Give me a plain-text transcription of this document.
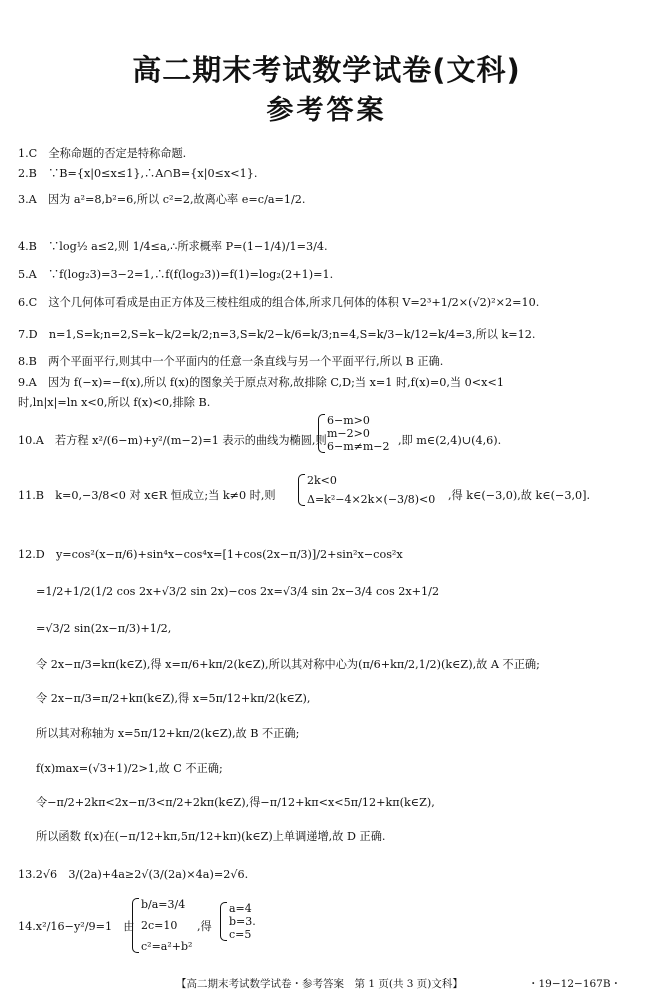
高二期末考试数学试卷(文科)
参考答案
1.C　全称命题的否定是特称命题.
2.B　∵B={x|0≤x≤1},∴A∩B={x|0≤x<1}.
3.A　因为 a²=8,b²=6,所以 c²=2,故离心率 e=c/a=1/2.
4.B　∵log½ a≤2,则 1/4≤a,∴所求概率 P=(1−1/4)/1=3/4.
5.A　∵f(log₂3)=3−2=1,∴f(f(log₂3))=f(1)=log₂(2+1)=1.
6.C　这个几何体可看成是由正方体及三棱柱组成的组合体,所求几何体的体积 V=2³+1/2×(√2)²×2=10.
7.D　n=1,S=k;n=2,S=k−k/2=k/2;n=3,S=k/2−k/6=k/3;n=4,S=k/3−k/12=k/4=3,所以 k=12.
8.B　两个平面平行,则其中一个平面内的任意一条直线与另一个平面平行,所以 B 正确.
9.A　因为 f(−x)=−f(x),所以 f(x)的图象关于原点对称,故排除 C,D;当 x=1 时,f(x)=0,当 0<x<1
时,ln|x|=ln x<0,所以 f(x)<0,排除 B.
10.A　若方程 x²/(6−m)+y²/(m−2)=1 表示的曲线为椭圆,则
6−m>0
m−2>0
6−m≠m−2 ,即 m∈(2,4)∪(4,6).
11.B　k=0,−3/8<0 对 x∈R 恒成立;当 k≠0 时,则
2k<0
Δ=k²−4×2k×(−3/8)<0 ,得 k∈(−3,0),故 k∈(−3,0].
12.D　y=cos²(x−π/6)+sin⁴x−cos⁴x=[1+cos(2x−π/3)]/2+sin²x−cos²x
=1/2+1/2(1/2 cos 2x+√3/2 sin 2x)−cos 2x=√3/4 sin 2x−3/4 cos 2x+1/2
=√3/2 sin(2x−π/3)+1/2,
令 2x−π/3=kπ(k∈Z),得 x=π/6+kπ/2(k∈Z),所以其对称中心为(π/6+kπ/2,1/2)(k∈Z),故 A 不正确;
令 2x−π/3=π/2+kπ(k∈Z),得 x=5π/12+kπ/2(k∈Z),
所以其对称轴为 x=5π/12+kπ/2(k∈Z),故 B 不正确;
f(x)max=(√3+1)/2>1,故 C 不正确;
令−π/2+2kπ<2x−π/3<π/2+2kπ(k∈Z),得−π/12+kπ<x<5π/12+kπ(k∈Z),
所以函数 f(x)在(−π/12+kπ,5π/12+kπ)(k∈Z)上单调递增,故 D 正确.
13.2√6　3/(2a)+4a≥2√(3/(2a)×4a)=2√6.
14.x²/16−y²/9=1　由
b/a=3/4
2c=10
c²=a²+b²
,得
a=4
b=3.
c=5
【高二期末考试数学试卷・参考答案　第 1 页(共 3 页)文科】	・19−12−167B・
